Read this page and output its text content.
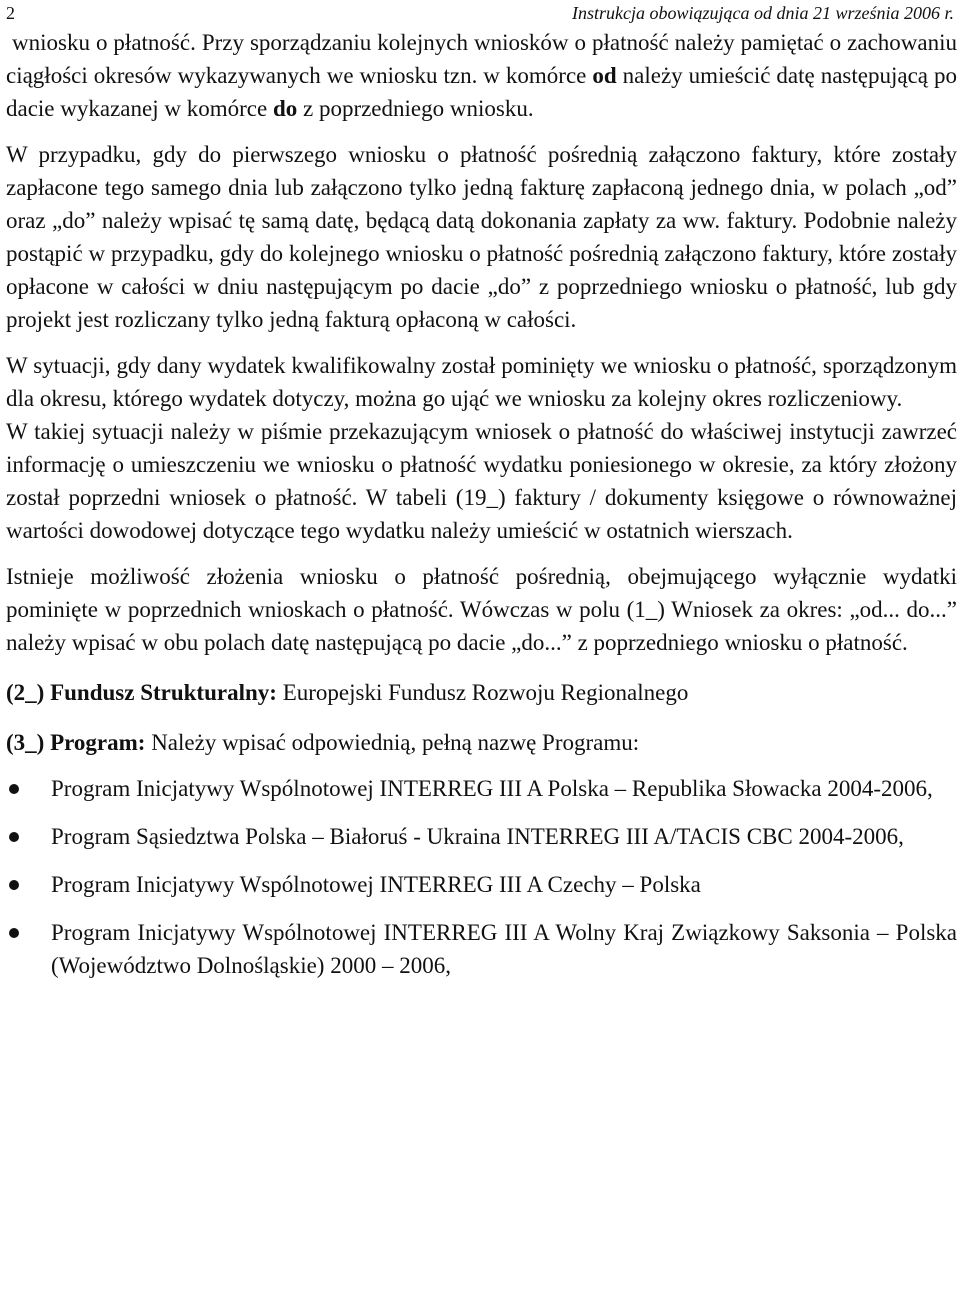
2	Instrukcja obowiązująca od dnia 21 września 2006 r.

wniosku o płatność. Przy sporządzaniu kolejnych wniosków o płatność należy pamiętać o zachowaniu ciągłości okresów wykazywanych we wniosku tzn. w komórce od należy umieścić datę następującą po dacie wykazanej w komórce do z poprzedniego wniosku.

W przypadku, gdy do pierwszego wniosku o płatność pośrednią załączono faktury, które zostały zapłacone tego samego dnia lub załączono tylko jedną fakturę zapłaconą jednego dnia, w polach „od” oraz „do” należy wpisać tę samą datę, będącą datą dokonania zapłaty za ww. faktury. Podobnie należy postąpić w przypadku, gdy do kolejnego wniosku o płatność pośrednią załączono faktury, które zostały opłacone w całości w dniu następującym po dacie „do” z poprzedniego wniosku o płatność, lub gdy projekt jest rozliczany tylko jedną fakturą opłaconą w całości.

W sytuacji, gdy dany wydatek kwalifikowalny został pominięty we wniosku o płatność, sporządzonym dla okresu, którego wydatek dotyczy, można go ująć we wniosku za kolejny okres rozliczeniowy.

W takiej sytuacji należy w piśmie przekazującym wniosek o płatność do właściwej instytucji zawrzeć informację o umieszczeniu we wniosku o płatność wydatku poniesionego w okresie, za który złożony został poprzedni wniosek o płatność. W tabeli (19_) faktury / dokumenty księgowe o równoważnej wartości dowodowej dotyczące tego wydatku należy umieścić w ostatnich wierszach.

Istnieje możliwość złożenia wniosku o płatność pośrednią, obejmującego wyłącznie wydatki pominięte w poprzednich wnioskach o płatność. Wówczas w polu (1_) Wniosek za okres: „od... do...” należy wpisać w obu polach datę następującą po dacie „do...” z poprzedniego wniosku o płatność.

(2_) Fundusz Strukturalny: Europejski Fundusz Rozwoju Regionalnego

(3_) Program: Należy wpisać odpowiednią, pełną nazwę Programu:

Program Inicjatywy Wspólnotowej INTERREG III A Polska – Republika Słowacka 2004-2006,
Program Sąsiedztwa Polska – Białoruś - Ukraina INTERREG III A/TACIS CBC 2004-2006,
Program Inicjatywy Wspólnotowej INTERREG III A Czechy – Polska
Program Inicjatywy Wspólnotowej INTERREG III A Wolny Kraj Związkowy Saksonia – Polska (Województwo Dolnośląskie) 2000 – 2006,
